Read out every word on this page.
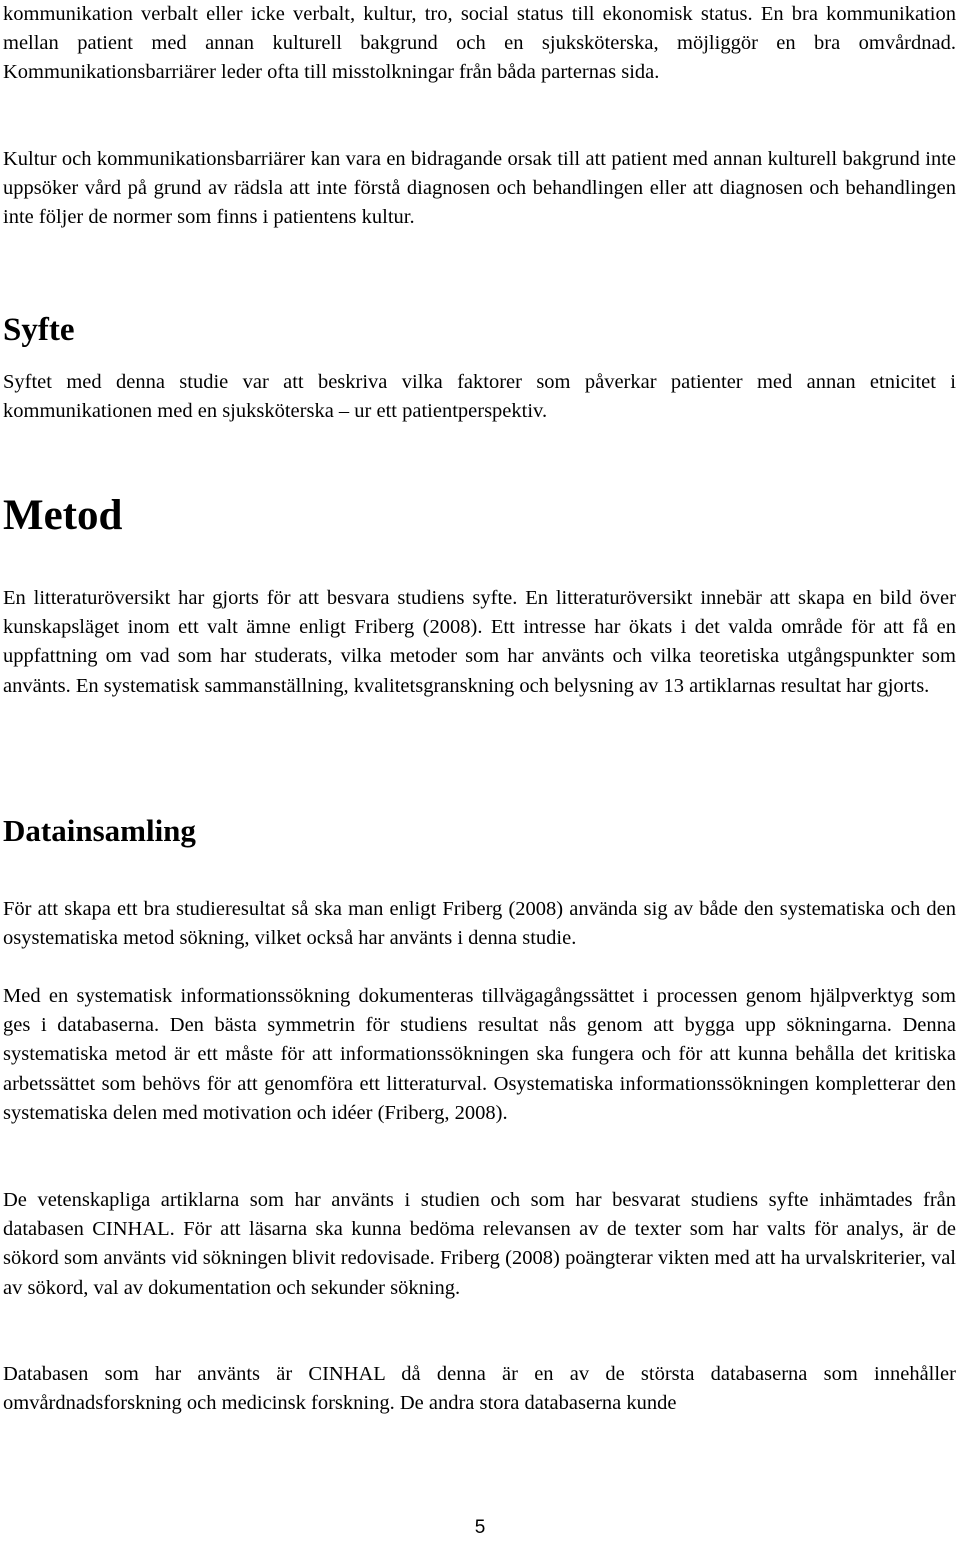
kommunikation verbalt eller icke verbalt, kultur, tro, social status till ekonomisk status. En bra kommunikation mellan patient med annan kulturell bakgrund och en sjuksköterska, möjliggör en bra omvårdnad. Kommunikationsbarriärer leder ofta till misstolkningar från båda parternas sida.

Kultur och kommunikationsbarriärer kan vara en bidragande orsak till att patient med annan kulturell bakgrund inte uppsöker vård på grund av rädsla att inte förstå diagnosen och behandlingen eller att diagnosen och behandlingen inte följer de normer som finns i patientens kultur.

Syfte

Syftet med denna studie var att beskriva vilka faktorer som påverkar patienter med annan etnicitet i kommunikationen med en sjuksköterska – ur ett patientperspektiv.

Metod

En litteraturöversikt har gjorts för att besvara studiens syfte. En litteraturöversikt innebär att skapa en bild över kunskapsläget inom ett valt ämne enligt Friberg (2008). Ett intresse har ökats i det valda område för att få en uppfattning om vad som har studerats, vilka metoder som har använts och vilka teoretiska utgångspunkter som använts. En systematisk sammanställning, kvalitetsgranskning och belysning av 13 artiklarnas resultat har gjorts.

Datainsamling

För att skapa ett bra studieresultat så ska man enligt Friberg (2008) använda sig av både den systematiska och den osystematiska metod sökning, vilket också har använts i denna studie.

Med en systematisk informationssökning dokumenteras tillvägagångssättet i processen genom hjälpverktyg som ges i databaserna. Den bästa symmetrin för studiens resultat nås genom att bygga upp sökningarna. Denna systematiska metod är ett måste för att informationssökningen ska fungera och för att kunna behålla det kritiska arbetssättet som behövs för att genomföra ett litteraturval. Osystematiska informationssökningen kompletterar den systematiska delen med motivation och idéer (Friberg, 2008).

De vetenskapliga artiklarna som har använts i studien och som har besvarat studiens syfte inhämtades från databasen CINHAL. För att läsarna ska kunna bedöma relevansen av de texter som har valts för analys, är de sökord som använts vid sökningen blivit redovisade. Friberg (2008) poängterar vikten med att ha urvalskriterier, val av sökord, val av dokumentation och sekunder sökning.

Databasen som har använts är CINHAL då denna är en av de största databaserna som innehåller omvårdnadsforskning och medicinsk forskning. De andra stora databaserna kunde

5
